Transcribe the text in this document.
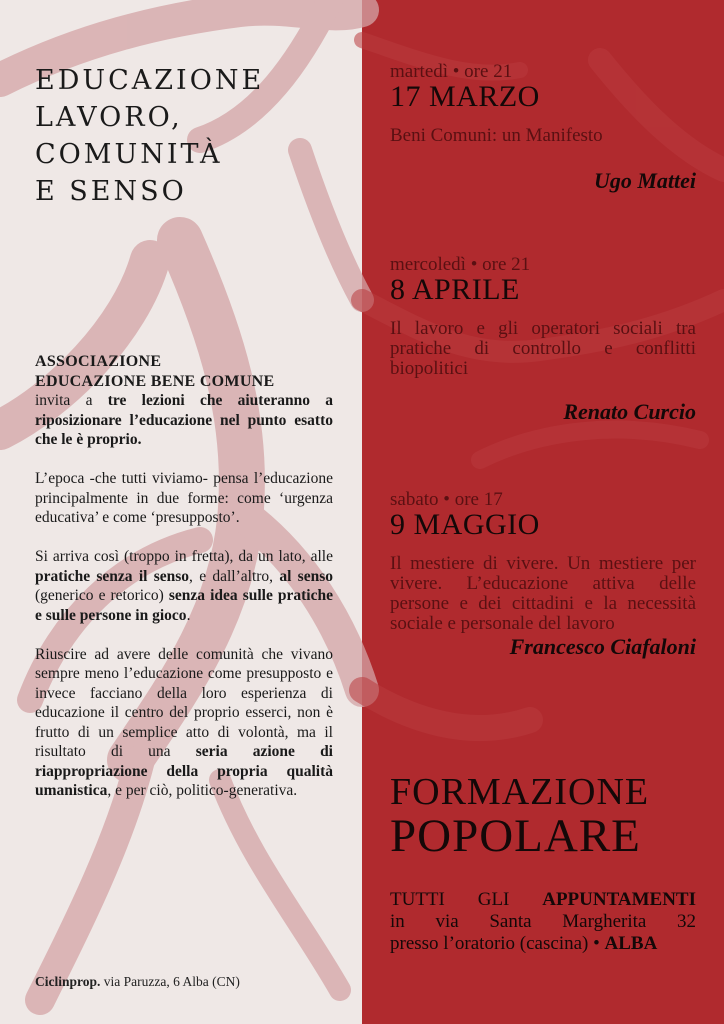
EDUCAZIONE
LAVORO,
COMUNITÀ
E SENSO

ASSOCIAZIONE
EDUCAZIONE BENE COMUNE
invita a tre lezioni che aiuteranno a riposizionare l’educazione nel punto esatto che le è proprio.

L’epoca -che tutti viviamo- pensa l’educazione principalmente in due forme: come ‘urgenza educativa’ e come ‘presupposto’.

Si arriva così (troppo in fretta), da un lato, alle pratiche senza il senso, e dall’altro, al senso (generico e retorico) senza idea sulle pratiche e sulle persone in gioco.

Riuscire ad avere delle comunità che vivano sempre meno l’educazione come presupposto e invece facciano della loro esperienza di educazione il centro del proprio esserci, non è frutto di un semplice atto di volontà, ma il risultato di una seria azione di riappropriazione della propria qualità umanistica, e per ciò, politico-generativa.

Ciclinprop. via Paruzza, 6 Alba (CN)
martedì • ore 21
17 MARZO
Beni Comuni: un Manifesto
Ugo Mattei
mercoledì • ore 21
8 APRILE
Il lavoro e gli operatori sociali tra pratiche di controllo e conflitti biopolitici
Renato Curcio
sabato • ore 17
9 MAGGIO
Il mestiere di vivere. Un mestiere per vivere. L’educazione attiva delle persone e dei cittadini e la necessità sociale e personale del lavoro
Francesco Ciafaloni
FORMAZIONE
POPOLARE
TUTTI GLI APPUNTAMENTI
in via Santa Margherita 32
presso l’oratorio (cascina) • ALBA
